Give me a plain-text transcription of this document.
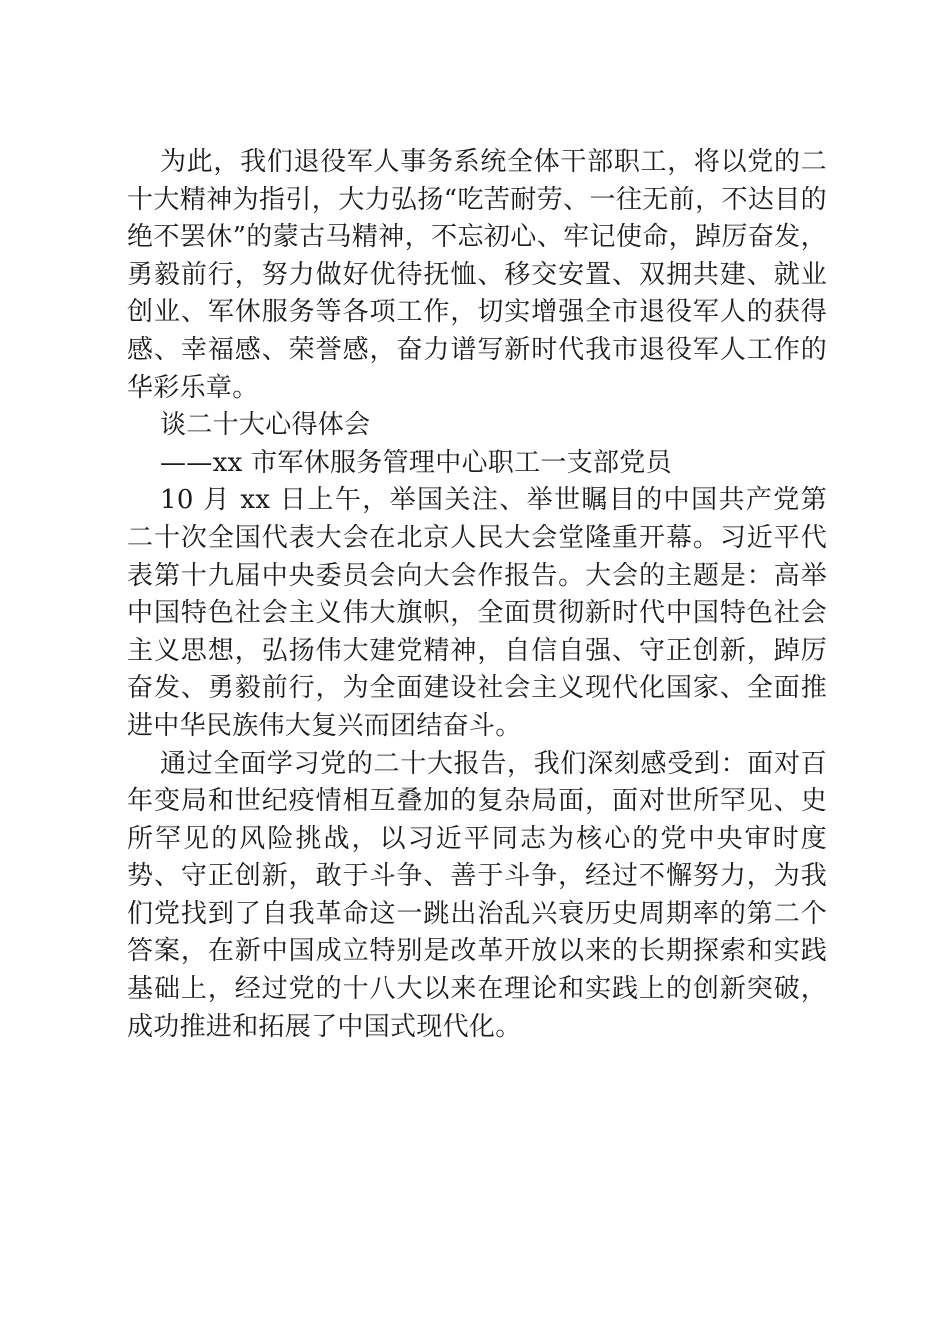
为此，我们退役军人事务系统全体干部职工，将以党的二十大精神为指引，大力弘扬“吃苦耐劳、一往无前，不达目的绝不罢休”的蒙古马精神，不忘初心、牢记使命，踔厉奋发，勇毅前行，努力做好优待抚恤、移交安置、双拥共建、就业创业、军休服务等各项工作，切实增强全市退役军人的获得感、幸福感、荣誉感，奋力谱写新时代我市退役军人工作的华彩乐章。

谈二十大心得体会

——xx 市军休服务管理中心职工一支部党员

10 月 xx 日上午，举国关注、举世瞩目的中国共产党第二十次全国代表大会在北京人民大会堂隆重开幕。习近平代表第十九届中央委员会向大会作报告。大会的主题是：高举中国特色社会主义伟大旗帜，全面贯彻新时代中国特色社会主义思想，弘扬伟大建党精神，自信自强、守正创新，踔厉奋发、勇毅前行，为全面建设社会主义现代化国家、全面推进中华民族伟大复兴而团结奋斗。

通过全面学习党的二十大报告，我们深刻感受到：面对百年变局和世纪疫情相互叠加的复杂局面，面对世所罕见、史所罕见的风险挑战，以习近平同志为核心的党中央审时度势、守正创新，敢于斗争、善于斗争，经过不懈努力，为我们党找到了自我革命这一跳出治乱兴衰历史周期率的第二个答案，在新中国成立特别是改革开放以来的长期探索和实践基础上，经过党的十八大以来在理论和实践上的创新突破，成功推进和拓展了中国式现代化。
